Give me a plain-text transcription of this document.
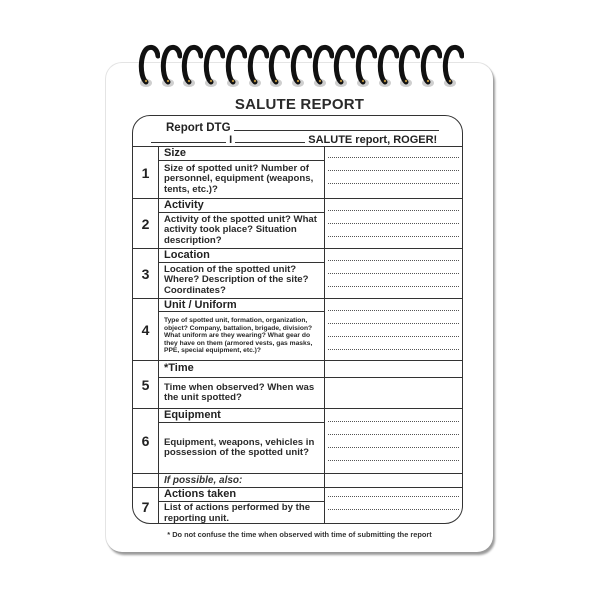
SALUTE REPORT
Report DTG
I	SALUTE report, ROGER!
1
Size
Size of spotted unit? Number of personnel, equipment (weapons, tents, etc.)?
2
Activity
Activity of the spotted unit? What activity took place? Situation description?
3
Location
Location of the spotted unit? Where? Description of the site? Coordinates?
4
Unit / Uniform
Type of spotted unit, formation, organization, object? Company, battalion, brigade, division? What uniform are they wearing? What gear do they have on them (armored vests, gas masks, PPE, special equipment, etc.)?
5
*Time
Time when observed? When was the unit spotted?
6
Equipment
Equipment, weapons, vehicles in possession of the spotted unit?
If possible, also:
7
Actions taken
List of actions performed by the reporting unit.
* Do not confuse the time when observed with time of submitting the report
